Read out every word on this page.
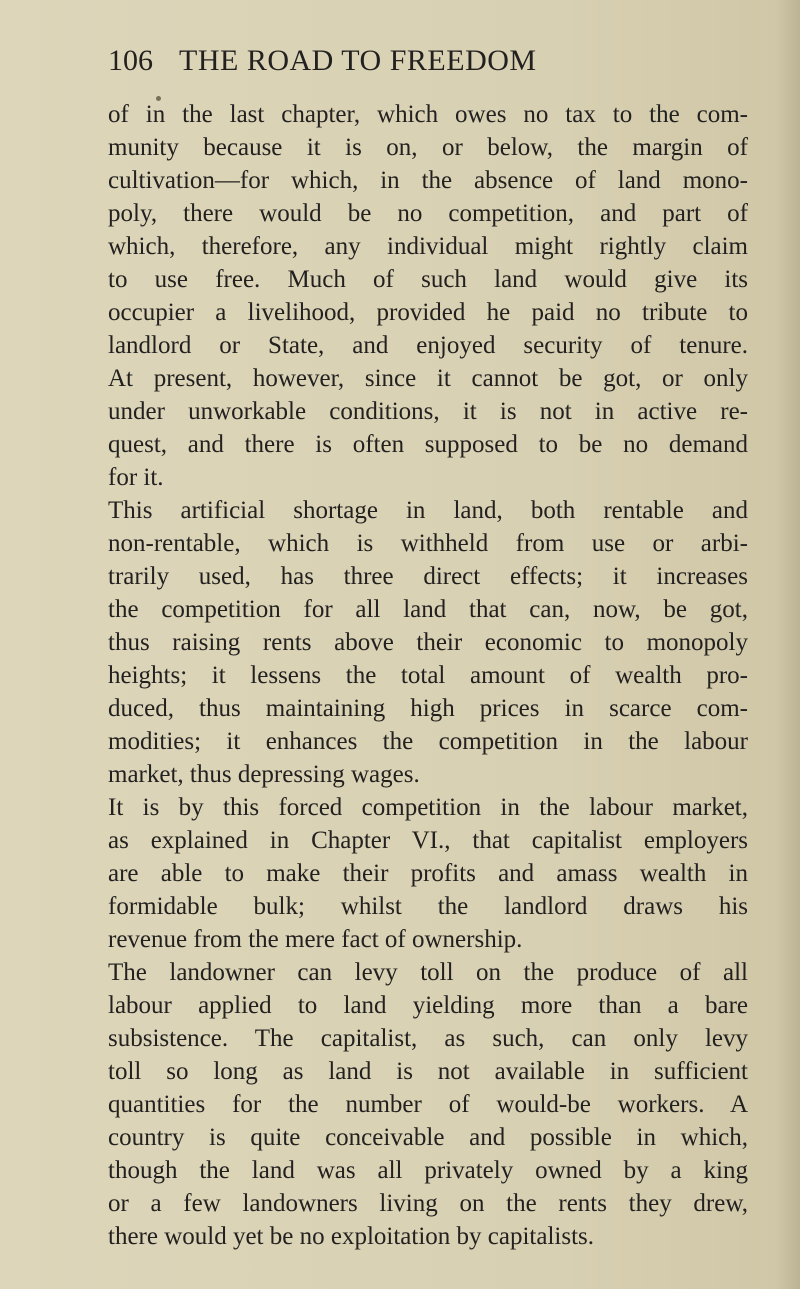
106 THE ROAD TO FREEDOM
of in the last chapter, which owes no tax to the com-
munity because it is on, or below, the margin of
cultivation—for which, in the absence of land mono-
poly, there would be no competition, and part of
which, therefore, any individual might rightly claim
to use free. Much of such land would give its
occupier a livelihood, provided he paid no tribute to
landlord or State, and enjoyed security of tenure.
At present, however, since it cannot be got, or only
under unworkable conditions, it is not in active re-
quest, and there is often supposed to be no demand
for it.
This artificial shortage in land, both rentable and
non-rentable, which is withheld from use or arbi-
trarily used, has three direct effects; it increases
the competition for all land that can, now, be got,
thus raising rents above their economic to monopoly
heights; it lessens the total amount of wealth pro-
duced, thus maintaining high prices in scarce com-
modities; it enhances the competition in the labour
market, thus depressing wages.
It is by this forced competition in the labour market,
as explained in Chapter VI., that capitalist employers
are able to make their profits and amass wealth in
formidable bulk; whilst the landlord draws his
revenue from the mere fact of ownership.
The landowner can levy toll on the produce of all
labour applied to land yielding more than a bare
subsistence. The capitalist, as such, can only levy
toll so long as land is not available in sufficient
quantities for the number of would-be workers. A
country is quite conceivable and possible in which,
though the land was all privately owned by a king
or a few landowners living on the rents they drew,
there would yet be no exploitation by capitalists.
